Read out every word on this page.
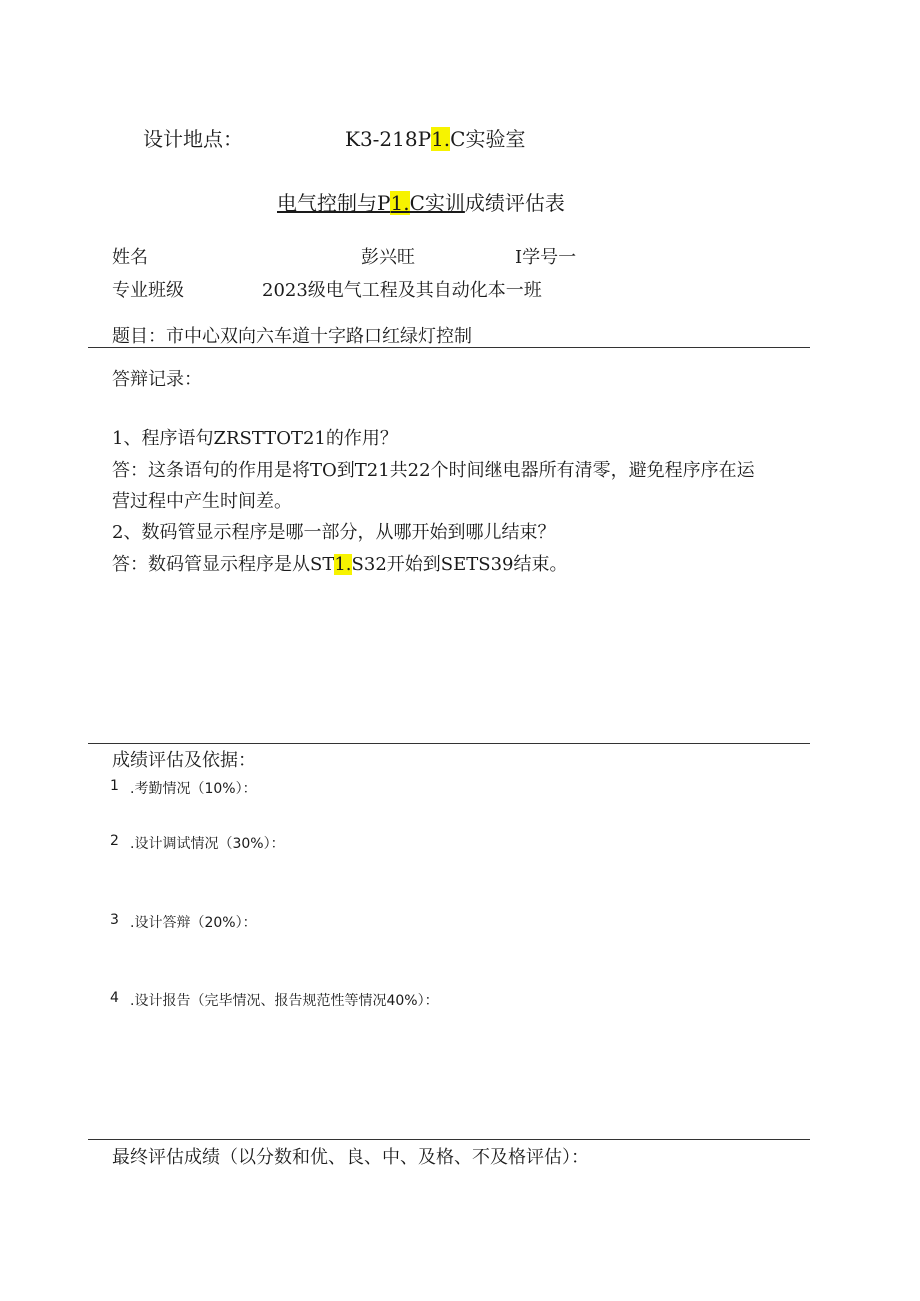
设计地点：	K3-218P1.C实验室
电气控制与P1.C实训成绩评估表
姓名	彭兴旺	I学号一
专业班级	2023级电气工程及其自动化本一班
题目：市中心双向六车道十字路口红绿灯控制
答辩记录：
1、程序语句ZRSTTOT21的作用？
答：这条语句的作用是将TO到T21共22个时间继电器所有清零，避免程序序在运
营过程中产生时间差。
2、数码管显示程序是哪一部分，从哪开始到哪儿结束？
答：数码管显示程序是从ST1.S32开始到SETS39结束。
成绩评估及依据：
1 .考勤情况（10%）：
2 .设计调试情况（30%）：
3 .设计答辩（20%）：
4 .设计报告（完毕情况、报告规范性等情况40%）：
最终评估成绩（以分数和优、良、中、及格、不及格评估）：
